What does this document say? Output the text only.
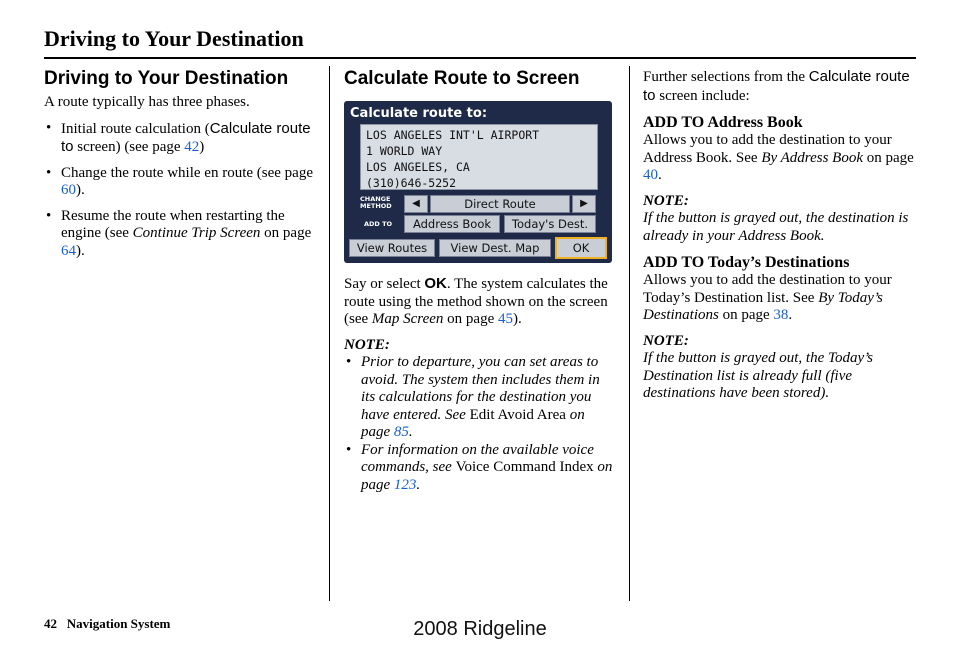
Driving to Your Destination
Driving to Your Destination

A route typically has three phases.

• Initial route calculation (Calculate route to screen) (see page 42)
• Change the route while en route (see page 60).
• Resume the route when restarting the engine (see Continue Trip Screen on page 64).
Calculate Route to Screen
Calculate route to:
LOS ANGELES INT'L AIRPORT
1 WORLD WAY
LOS ANGELES, CA
(310)646-5252
CHANGE
METHOD	◀	Direct Route	▶
ADD TO	Address Book	Today's Dest.
View Routes	View Dest. Map	OK

Say or select OK. The system calculates the route using the method shown on the screen (see Map Screen on page 45).

NOTE:
• Prior to departure, you can set areas to avoid. The system then includes them in its calculations for the destination you have entered. See Edit Avoid Area on page 85.
• For information on the available voice commands, see Voice Command Index on page 123.

Further selections from the Calculate route to screen include:

ADD TO Address Book

Allows you to add the destination to your Address Book. See By Address Book on page 40.

NOTE:
If the button is grayed out, the destination is already in your Address Book.
ADD TO Today’s Destinations

Allows you to add the destination to your Today’s Destination list. See By Today’s Destinations on page 38.

NOTE:
If the button is grayed out, the Today’s Destination list is already full (five destinations have been stored).
42 Navigation System	2008 Ridgeline
